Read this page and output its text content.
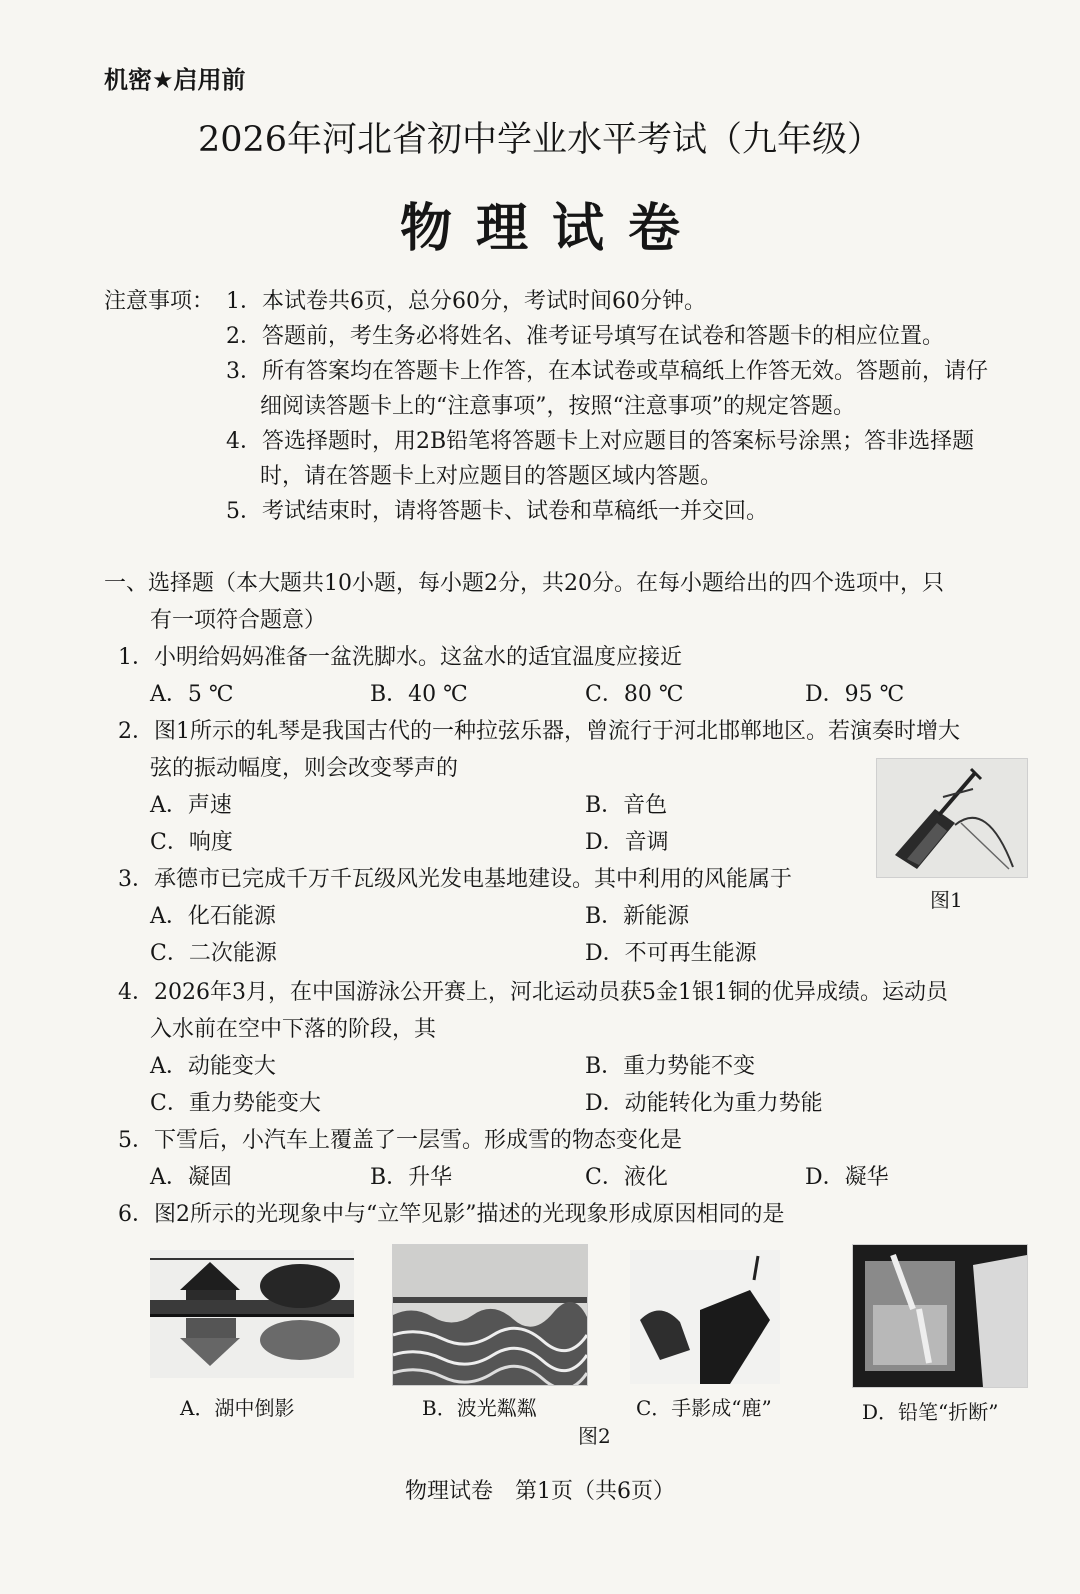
机密★启用前
2026年河北省初中学业水平考试（九年级）
物理试卷
注意事项： 1．本试卷共6页，总分60分，考试时间60分钟。
2．答题前，考生务必将姓名、准考证号填写在试卷和答题卡的相应位置。
3．所有答案均在答题卡上作答，在本试卷或草稿纸上作答无效。答题前，请仔
细阅读答题卡上的“注意事项”，按照“注意事项”的规定答题。
4．答选择题时，用2B铅笔将答题卡上对应题目的答案标号涂黑；答非选择题
时，请在答题卡上对应题目的答题区域内答题。
5．考试结束时，请将答题卡、试卷和草稿纸一并交回。
一、选择题（本大题共10小题，每小题2分，共20分。在每小题给出的四个选项中，只
有一项符合题意）
1．小明给妈妈准备一盆洗脚水。这盆水的适宜温度应接近
A．5 ℃	B．40 ℃	C．80 ℃	D．95 ℃
2．图1所示的轧琴是我国古代的一种拉弦乐器，曾流行于河北邯郸地区。若演奏时增大
弦的振动幅度，则会改变琴声的
A．声速	B．音色
C．响度	D．音调
图1
3．承德市已完成千万千瓦级风光发电基地建设。其中利用的风能属于
A．化石能源	B．新能源
C．二次能源	D．不可再生能源
4．2026年3月，在中国游泳公开赛上，河北运动员获5金1银1铜的优异成绩。运动员
入水前在空中下落的阶段，其
A．动能变大	B．重力势能不变
C．重力势能变大	D．动能转化为重力势能
5．下雪后，小汽车上覆盖了一层雪。形成雪的物态变化是
A．凝固	B．升华	C．液化	D．凝华
6．图2所示的光现象中与“立竿见影”描述的光现象形成原因相同的是
A．湖中倒影	B．波光粼粼	C．手影成“鹿”	D．铅笔“折断”
图2
物理试卷　第1页（共6页）
